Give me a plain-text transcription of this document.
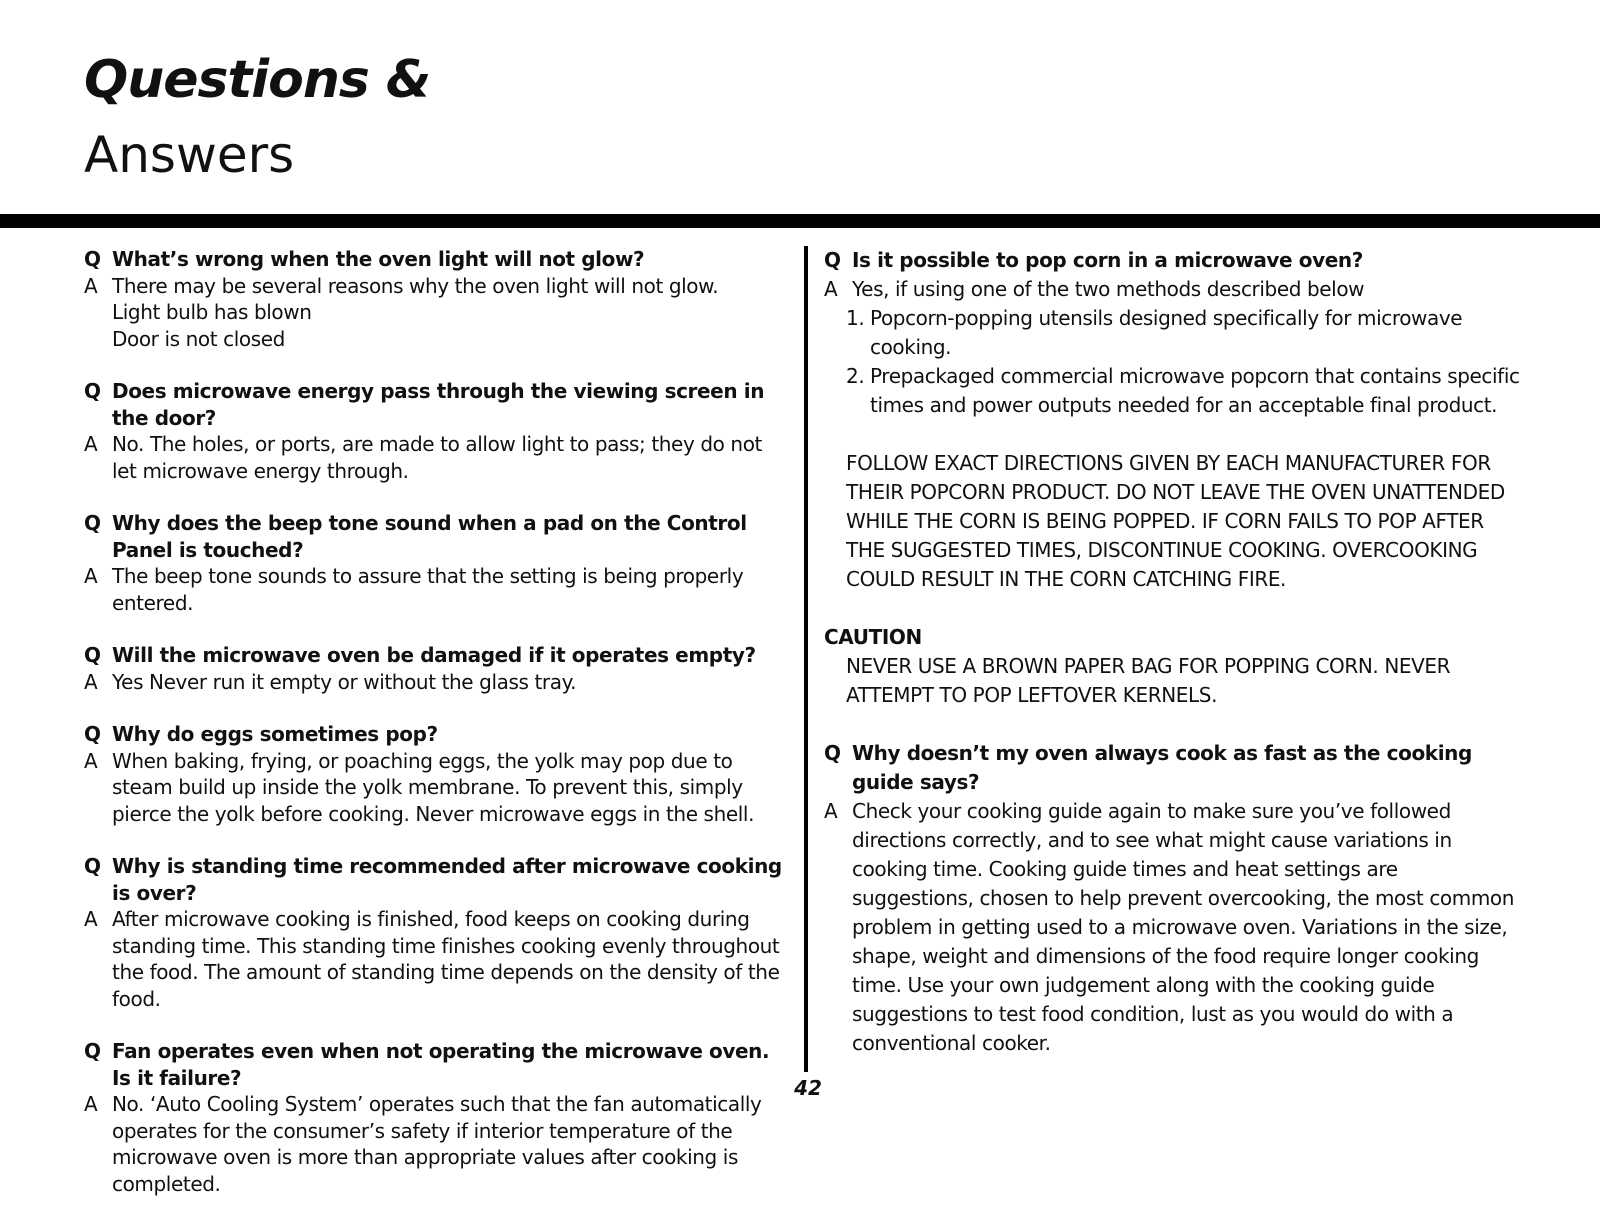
Questions &
Answers
Q What’s wrong when the oven light will not glow?
A There may be several reasons why the oven light will not glow.
Light bulb has blown
Door is not closed
Q Does microwave energy pass through the viewing screen in the door?
A No. The holes, or ports, are made to allow light to pass; they do not let microwave energy through.
Q Why does the beep tone sound when a pad on the Control Panel is touched?
A The beep tone sounds to assure that the setting is being properly entered.
Q Will the microwave oven be damaged if it operates empty?
A Yes Never run it empty or without the glass tray.
Q Why do eggs sometimes pop?
A When baking, frying, or poaching eggs, the yolk may pop due to steam build up inside the yolk membrane. To prevent this, simply pierce the yolk before cooking. Never microwave eggs in the shell.
Q Why is standing time recommended after microwave cooking is over?
A After microwave cooking is finished, food keeps on cooking during standing time. This standing time finishes cooking evenly throughout the food. The amount of standing time depends on the density of the food.
Q Fan operates even when not operating the microwave oven. Is it failure?
A No. ‘Auto Cooling System’ operates such that the fan automatically operates for the consumer’s safety if interior temperature of the microwave oven is more than appropriate values after cooking is completed.
Q Is it possible to pop corn in a microwave oven?
A Yes, if using one of the two methods described below
1. Popcorn-popping utensils designed specifically for microwave cooking.
2. Prepackaged commercial microwave popcorn that contains specific times and power outputs needed for an acceptable final product.

FOLLOW EXACT DIRECTIONS GIVEN BY EACH MANUFACTURER FOR THEIR POPCORN PRODUCT. DO NOT LEAVE THE OVEN UNATTENDED WHILE THE CORN IS BEING POPPED. IF CORN FAILS TO POP AFTER THE SUGGESTED TIMES, DISCONTINUE COOKING. OVERCOOKING COULD RESULT IN THE CORN CATCHING FIRE.

CAUTION

NEVER USE A BROWN PAPER BAG FOR POPPING CORN. NEVER ATTEMPT TO POP LEFTOVER KERNELS.

Q Why doesn’t my oven always cook as fast as the cooking guide says?
A Check your cooking guide again to make sure you’ve followed directions correctly, and to see what might cause variations in cooking time. Cooking guide times and heat settings are suggestions, chosen to help prevent overcooking, the most common problem in getting used to a microwave oven. Variations in the size, shape, weight and dimensions of the food require longer cooking time. Use your own judgement along with the cooking guide suggestions to test food condition, lust as you would do with a conventional cooker.
42
